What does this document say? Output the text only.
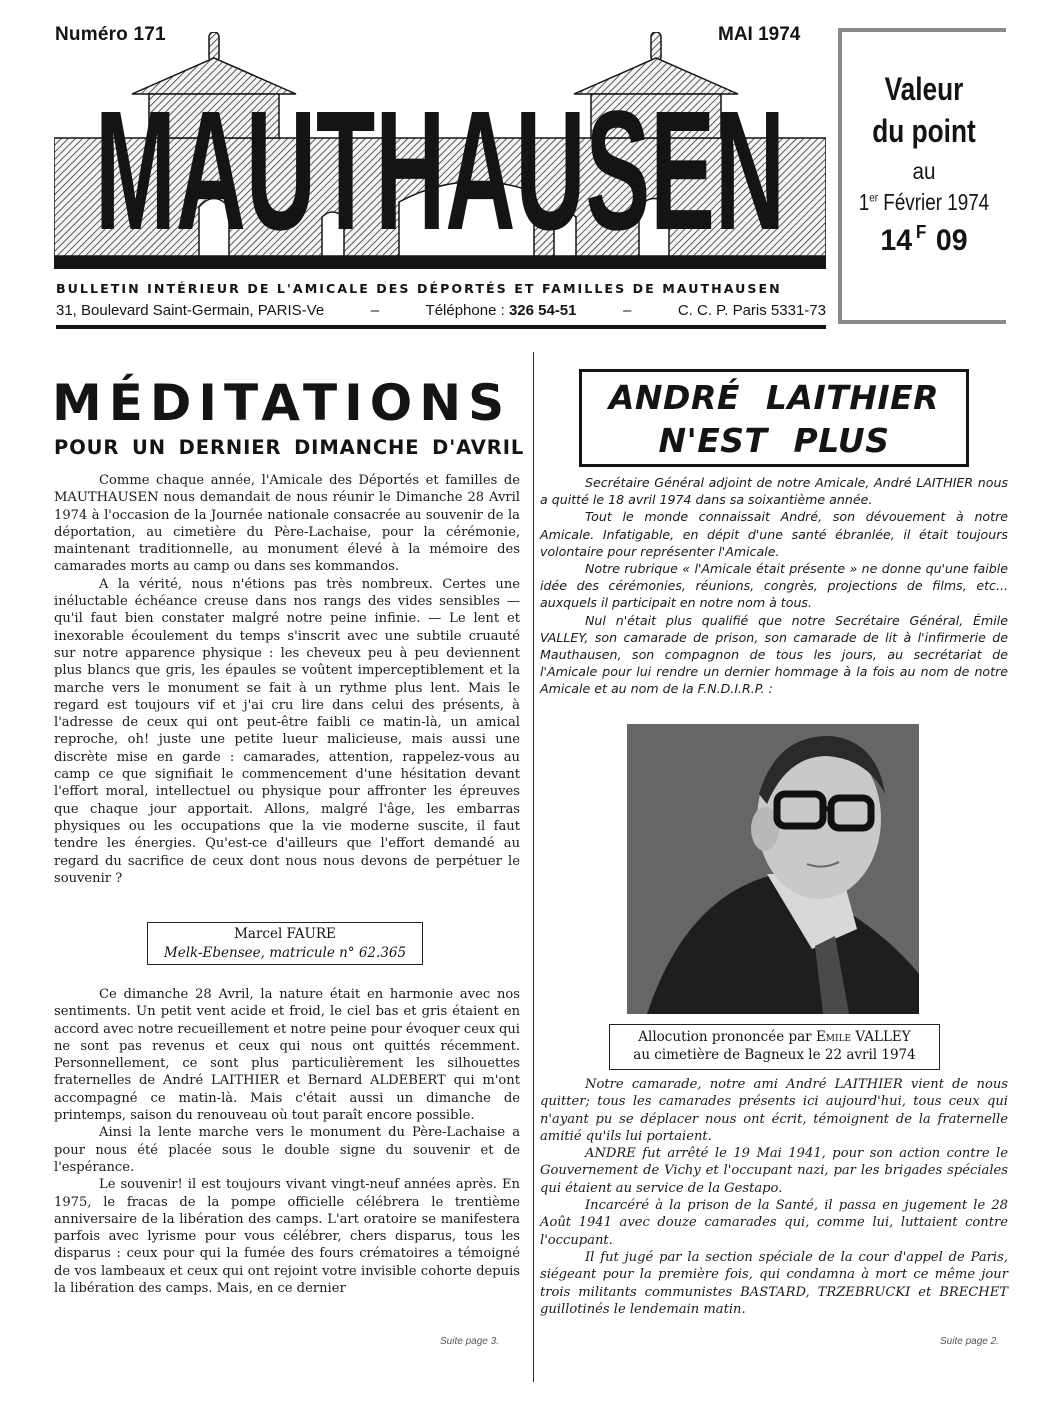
Numéro 171	MAI 1974
MAUTHAUSEN
BULLETIN INTÉRIEUR DE L'AMICALE DES DÉPORTÉS ET FAMILLES DE MAUTHAUSEN
31, Boulevard Saint-Germain, PARIS-Ve	–	Téléphone : 326 54-51	–	C. C. P. Paris 5331-73
Valeur
du point
au
1er Février 1974
14 $^F$ 09
MÉDITATIONS
POUR UN DERNIER DIMANCHE D'AVRIL

Comme chaque année, l'Amicale des Déportés et familles de MAUTHAUSEN nous demandait de nous réunir le Dimanche 28 Avril 1974 à l'occasion de la Journée nationale consacrée au souvenir de la déportation, au cimetière du Père-Lachaise, pour la cérémonie, maintenant traditionnelle, au monument élevé à la mémoire des camarades morts au camp ou dans ses kommandos.

A la vérité, nous n'étions pas très nombreux. Certes une inéluctable échéance creuse dans nos rangs des vides sensibles — qu'il faut bien constater malgré notre peine infinie. — Le lent et inexorable écoulement du temps s'inscrit avec une subtile cruauté sur notre apparence physique : les cheveux peu à peu deviennent plus blancs que gris, les épaules se voûtent imperceptiblement et la marche vers le monument se fait à un rythme plus lent. Mais le regard est toujours vif et j'ai cru lire dans celui des présents, à l'adresse de ceux qui ont peut-être faibli ce matin-là, un amical reproche, oh! juste une petite lueur malicieuse, mais aussi une discrète mise en garde : camarades, attention, rappelez-vous au camp ce que signifiait le commencement d'une hésitation devant l'effort moral, intellectuel ou physique pour affronter les épreuves que chaque jour apportait. Allons, malgré l'âge, les embarras physiques ou les occupations que la vie moderne suscite, il faut tendre les énergies. Qu'est-ce d'ailleurs que l'effort demandé au regard du sacrifice de ceux dont nous nous devons de perpétuer le souvenir ?

Marcel FAURE
Melk-Ebensee, matricule n° 62.365

Ce dimanche 28 Avril, la nature était en harmonie avec nos sentiments. Un petit vent acide et froid, le ciel bas et gris étaient en accord avec notre recueillement et notre peine pour évoquer ceux qui ne sont pas revenus et ceux qui nous ont quittés récemment. Personnellement, ce sont plus particulièrement les silhouettes fraternelles de André LAITHIER et Bernard ALDEBERT qui m'ont accompagné ce matin-là. Mais c'était aussi un dimanche de printemps, saison du renouveau où tout paraît encore possible.

Ainsi la lente marche vers le monument du Père-Lachaise a pour nous été placée sous le double signe du souvenir et de l'espérance.

Le souvenir! il est toujours vivant vingt-neuf années après. En 1975, le fracas de la pompe officielle célébrera le trentième anniversaire de la libération des camps. L'art oratoire se manifestera parfois avec lyrisme pour vous célébrer, chers disparus, tous les disparus : ceux pour qui la fumée des fours crématoires a témoigné de vos lambeaux et ceux qui ont rejoint votre invisible cohorte depuis la libération des camps. Mais, en ce dernier

Suite page 3.
ANDRÉ LAITHIER
N'EST PLUS

Secrétaire Général adjoint de notre Amicale, André LAITHIER nous a quitté le 18 avril 1974 dans sa soixantième année.

Tout le monde connaissait André, son dévouement à notre Amicale. Infatigable, en dépit d'une santé ébranlée, il était toujours volontaire pour représenter l'Amicale.

Notre rubrique « l'Amicale était présente » ne donne qu'une faible idée des cérémonies, réunions, congrès, projections de films, etc... auxquels il participait en notre nom à tous.

Nul n'était plus qualifié que notre Secrétaire Général, Émile VALLEY, son camarade de prison, son camarade de lit à l'infirmerie de Mauthausen, son compagnon de tous les jours, au secrétariat de l'Amicale pour lui rendre un dernier hommage à la fois au nom de notre Amicale et au nom de la F.N.D.I.R.P. :

Allocution prononcée par Emile VALLEY
au cimetière de Bagneux le 22 avril 1974

Notre camarade, notre ami André LAITHIER vient de nous quitter; tous les camarades présents ici aujourd'hui, tous ceux qui n'ayant pu se déplacer nous ont écrit, témoignent de la fraternelle amitié qu'ils lui portaient.

ANDRE fut arrêté le 19 Mai 1941, pour son action contre le Gouvernement de Vichy et l'occupant nazi, par les brigades spéciales qui étaient au service de la Gestapo.

Incarcéré à la prison de la Santé, il passa en jugement le 28 Août 1941 avec douze camarades qui, comme lui, luttaient contre l'occupant.

Il fut jugé par la section spéciale de la cour d'appel de Paris, siégeant pour la première fois, qui condamna à mort ce même jour trois militants communistes BASTARD, TRZEBRUCKI et BRECHET guillotinés le lendemain matin.

Suite page 2.
